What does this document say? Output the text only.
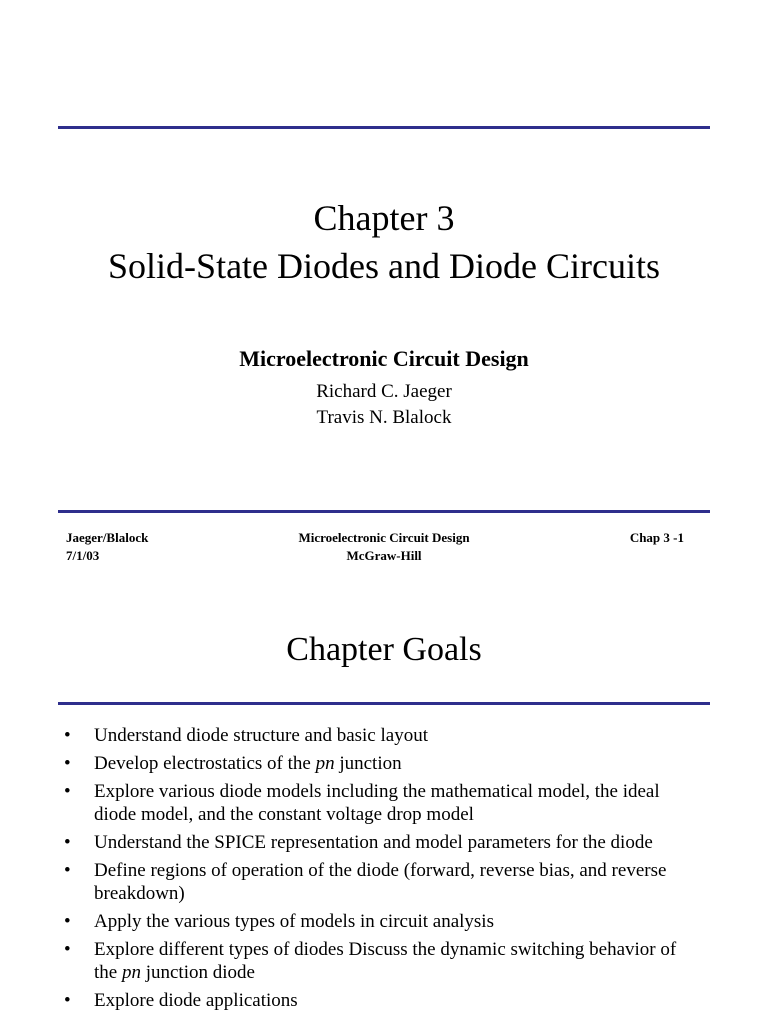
Chapter 3
Solid-State Diodes and Diode Circuits
Microelectronic Circuit Design
Richard C. Jaeger
Travis N. Blalock
Jaeger/Blalock
7/1/03
Microelectronic Circuit Design
McGraw-Hill
Chap 3 -1
Chapter Goals
• Understand diode structure and basic layout
• Develop electrostatics of the pn junction
• Explore various diode models including the mathematical model, the ideal diode model, and the constant voltage drop model
• Understand the SPICE representation and model parameters for the diode
• Define regions of operation of the diode (forward, reverse bias, and reverse breakdown)
• Apply the various types of models in circuit analysis
• Explore different types of diodes Discuss the dynamic switching behavior of the pn junction diode
• Explore diode applications
